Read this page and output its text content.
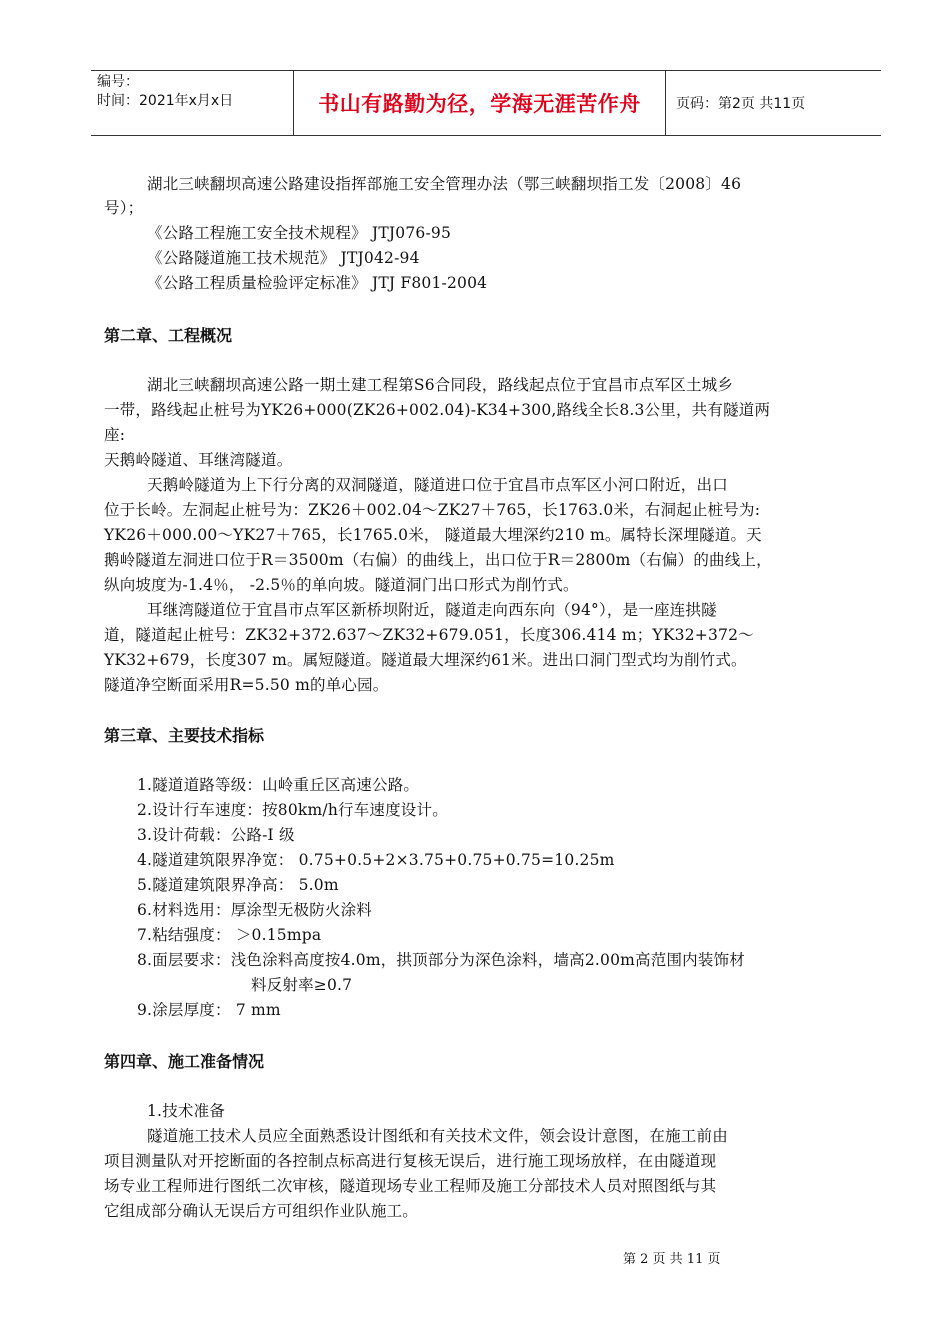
编号：
时间：2021年x月x日	书山有路勤为径，学海无涯苦作舟	页码：第2页 共11页
湖北三峡翻坝高速公路建设指挥部施工安全管理办法（鄂三峡翻坝指工发〔2008〕46
号）；
《公路工程施工安全技术规程》 JTJ076-95
《公路隧道施工技术规范》 JTJ042-94
《公路工程质量检验评定标准》 JTJ F801-2004
第二章、工程概况
湖北三峡翻坝高速公路一期土建工程第S6合同段，路线起点位于宜昌市点军区土城乡
一带，路线起止桩号为YK26+000(ZK26+002.04)-K34+300,路线全长8.3公里，共有隧道两
座:
天鹅岭隧道、耳继湾隧道。
天鹅岭隧道为上下行分离的双洞隧道，隧道进口位于宜昌市点军区小河口附近，出口
位于长岭。左洞起止桩号为：ZK26＋002.04～ZK27＋765，长1763.0米，右洞起止桩号为:
YK26＋000.00～YK27＋765，长1765.0米， 隧道最大埋深约210 m。属特长深埋隧道。天
鹅岭隧道左洞进口位于R＝3500m（右偏）的曲线上，出口位于R＝2800m（右偏）的曲线上，
纵向坡度为-1.4％， -2.5％的单向坡。隧道洞门出口形式为削竹式。
耳继湾隧道位于宜昌市点军区新桥坝附近，隧道走向西东向（94°），是一座连拱隧
道，隧道起止桩号：ZK32+372.637～ZK32+679.051，长度306.414 m；YK32+372～
YK32+679，长度307 m。属短隧道。隧道最大埋深约61米。进出口洞门型式均为削竹式。
隧道净空断面采用R=5.50 m的单心园。
第三章、主要技术指标
1.隧道道路等级：山岭重丘区高速公路。
2.设计行车速度：按80km/h行车速度设计。
3.设计荷载：公路-Ⅰ 级
4.隧道建筑限界净宽： 0.75+0.5+2×3.75+0.75+0.75=10.25m
5.隧道建筑限界净高： 5.0m
6.材料选用：厚涂型无极防火涂料
7.粘结强度： ＞0.15mpa
8.面层要求：浅色涂料高度按4.0m，拱顶部分为深色涂料，墙高2.00m高范围内装饰材
料反射率≥0.7
9.涂层厚度： 7 mm
第四章、施工准备情况
1.技术准备
隧道施工技术人员应全面熟悉设计图纸和有关技术文件，领会设计意图，在施工前由
项目测量队对开挖断面的各控制点标高进行复核无误后，进行施工现场放样，在由隧道现
场专业工程师进行图纸二次审核，隧道现场专业工程师及施工分部技术人员对照图纸与其
它组成部分确认无误后方可组织作业队施工。
第 2 页 共 11 页
